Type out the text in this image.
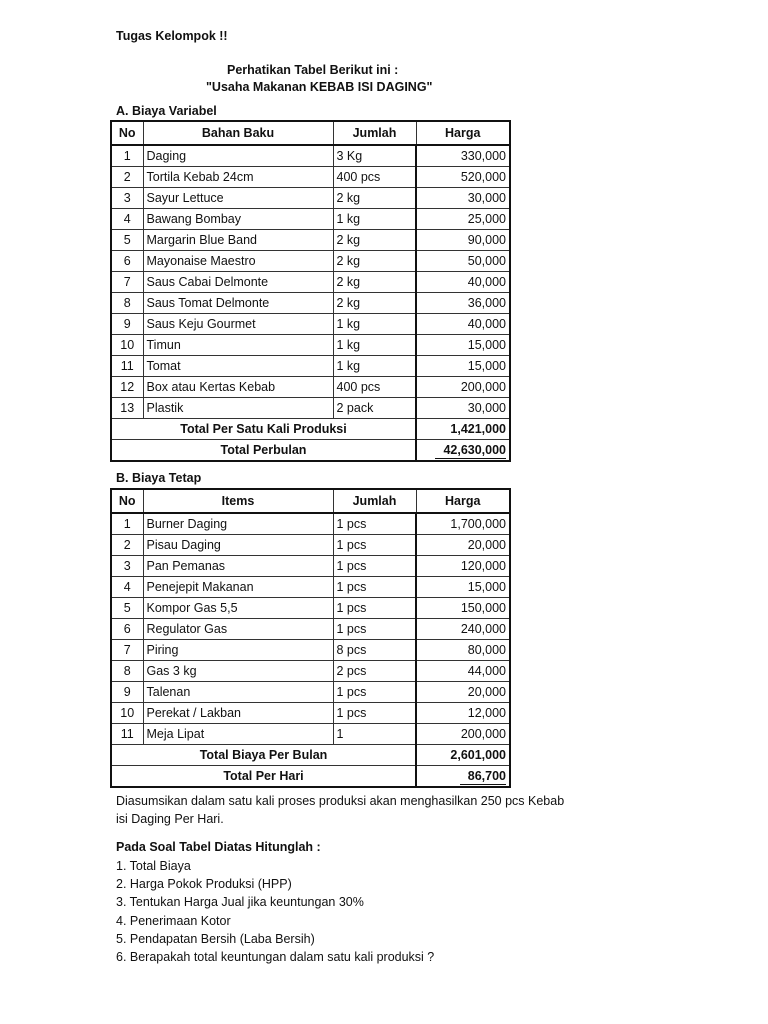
Tugas Kelompok !!
Perhatikan Tabel Berikut ini :
"Usaha Makanan KEBAB ISI DAGING"
A. Biaya Variabel
No	Bahan Baku	Jumlah	Harga
1	Daging	3 Kg	330,000
2	Tortila Kebab 24cm	400 pcs	520,000
3	Sayur Lettuce	2 kg	30,000
4	Bawang Bombay	1 kg	25,000
5	Margarin Blue Band	2 kg	90,000
6	Mayonaise Maestro	2 kg	50,000
7	Saus Cabai Delmonte	2 kg	40,000
8	Saus Tomat Delmonte	2 kg	36,000
9	Saus Keju Gourmet	1 kg	40,000
10	Timun	1 kg	15,000
11	Tomat	1 kg	15,000
12	Box atau Kertas Kebab	400 pcs	200,000
13	Plastik	2 pack	30,000
Total Per Satu Kali Produksi			1,421,000
Total Perbulan			42,630,000
B. Biaya Tetap
No	Items	Jumlah	Harga
1	Burner Daging	1 pcs	1,700,000
2	Pisau Daging	1 pcs	20,000
3	Pan Pemanas	1 pcs	120,000
4	Penejepit Makanan	1 pcs	15,000
5	Kompor Gas 5,5	1 pcs	150,000
6	Regulator Gas	1 pcs	240,000
7	Piring	8 pcs	80,000
8	Gas 3 kg	2 pcs	44,000
9	Talenan	1 pcs	20,000
10	Perekat / Lakban	1 pcs	12,000
11	Meja Lipat	1	200,000
Total Biaya Per Bulan			2,601,000
Total Per Hari			86,700
Diasumsikan dalam satu kali proses produksi akan menghasilkan 250 pcs Kebab
isi Daging Per Hari.
Pada Soal Tabel Diatas Hitunglah :
1. Total Biaya
2. Harga Pokok Produksi (HPP)
3. Tentukan Harga Jual jika keuntungan 30%
4. Penerimaan Kotor
5. Pendapatan Bersih (Laba Bersih)
6. Berapakah total keuntungan dalam satu kali produksi ?
